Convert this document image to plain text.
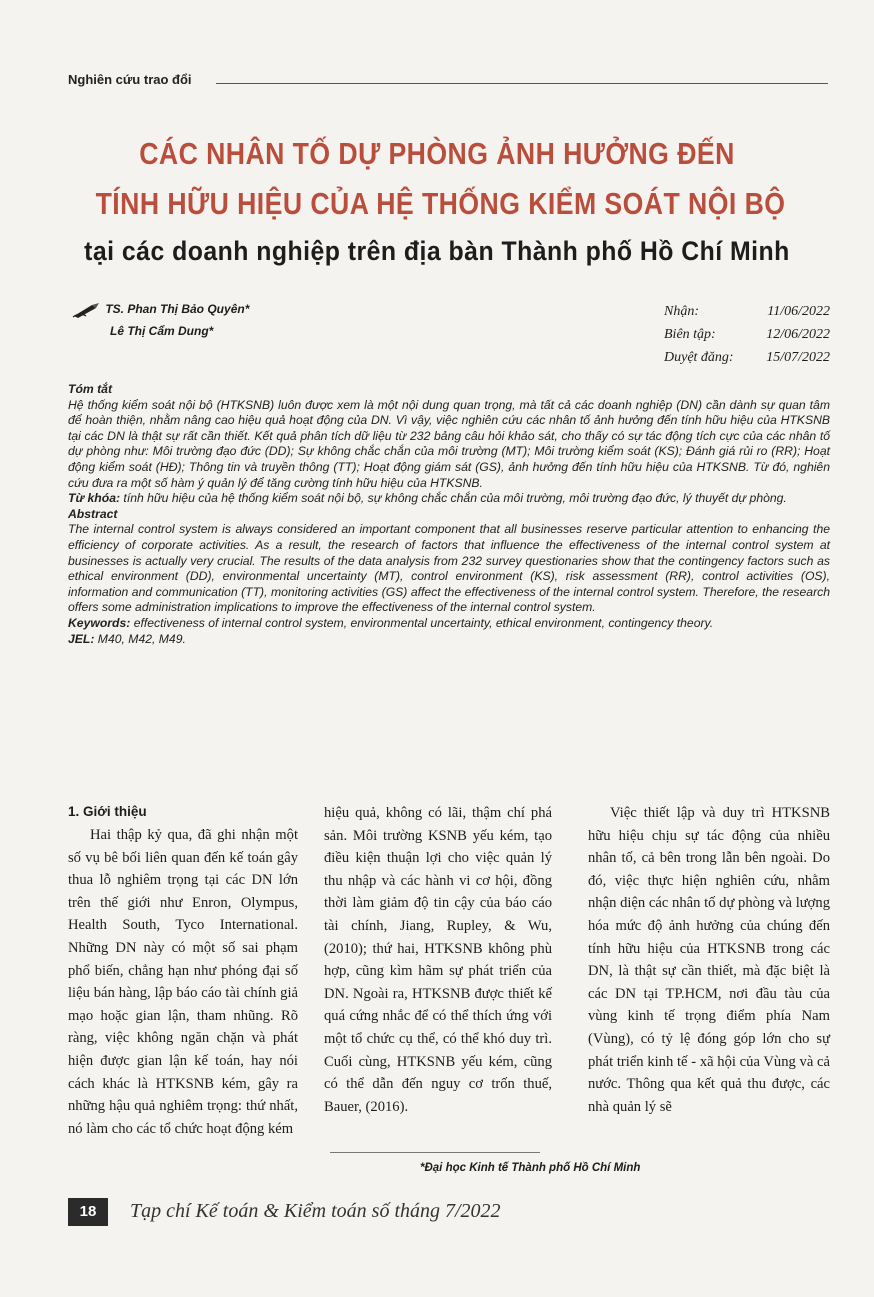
Nghiên cứu trao đổi
CÁC NHÂN TỐ DỰ PHÒNG ẢNH HƯỞNG ĐẾN
TÍNH HỮU HIỆU CỦA HỆ THỐNG KIỂM SOÁT NỘI BỘ
tại các doanh nghiệp trên địa bàn Thành phố Hồ Chí Minh
TS. Phan Thị Bảo Quyên*
Lê Thị Cẩm Dung*
Nhận:	11/06/2022
Biên tập:	12/06/2022
Duyệt đăng: 15/07/2022

Tóm tắt

Hệ thống kiểm soát nội bộ (HTKSNB) luôn được xem là một nội dung quan trọng, mà tất cả các doanh nghiệp (DN) cần dành sự quan tâm để hoàn thiện, nhằm nâng cao hiệu quả hoạt động của DN. Vì vậy, việc nghiên cứu các nhân tố ảnh hưởng đến tính hữu hiệu của HTKSNB tại các DN là thật sự rất cần thiết. Kết quả phân tích dữ liệu từ 232 bảng câu hỏi khảo sát, cho thấy có sự tác động tích cực của các nhân tố dự phòng như: Môi trường đạo đức (DD); Sự không chắc chắn của môi trường (MT); Môi trường kiểm soát (KS); Đánh giá rủi ro (RR); Hoạt động kiểm soát (HĐ); Thông tin và truyền thông (TT); Hoạt động giám sát (GS), ảnh hưởng đến tính hữu hiệu của HTKSNB. Từ đó, nghiên cứu đưa ra một số hàm ý quản lý để tăng cường tính hữu hiệu của HTKSNB.

Từ khóa: tính hữu hiệu của hệ thống kiểm soát nội bộ, sự không chắc chắn của môi trường, môi trường đạo đức, lý thuyết dự phòng.

Abstract

The internal control system is always considered an important component that all businesses reserve particular attention to enhancing the efficiency of corporate activities. As a result, the research of factors that influence the effectiveness of the internal control system at businesses is actually very crucial. The results of the data analysis from 232 survey questionaries show that the contingency factors such as ethical environment (DD), environmental uncertainty (MT), control environment (KS), risk assessment (RR), control activities (OS), information and communication (TT), monitoring activities (GS) affect the effectiveness of the internal control system. Therefore, the research offers some administration implications to improve the effectiveness of the internal control system.

Keywords: effectiveness of internal control system, environmental uncertainty, ethical environment, contingency theory.

JEL: M40, M42, M49.

1. Giới thiệu

Hai thập kỷ qua, đã ghi nhận một số vụ bê bối liên quan đến kế toán gây thua lỗ nghiêm trọng tại các DN lớn trên thế giới như Enron, Olympus, Health South, Tyco International. Những DN này có một số sai phạm phổ biến, chẳng hạn như phóng đại số liệu bán hàng, lập báo cáo tài chính giả mạo hoặc gian lận, tham nhũng. Rõ ràng, việc không ngăn chặn và phát hiện được gian lận kế toán, hay nói cách khác là HTKSNB kém, gây ra những hậu quả nghiêm trọng: thứ nhất, nó làm cho các tổ chức hoạt động kém

hiệu quả, không có lãi, thậm chí phá sản. Môi trường KSNB yếu kém, tạo điều kiện thuận lợi cho việc quản lý thu nhập và các hành vi cơ hội, đồng thời làm giảm độ tin cậy của báo cáo tài chính, Jiang, Rupley, & Wu, (2010); thứ hai, HTKSNB không phù hợp, cũng kìm hãm sự phát triển của DN. Ngoài ra, HTKSNB được thiết kế quá cứng nhắc để có thể thích ứng với một tổ chức cụ thể, có thể khó duy trì. Cuối cùng, HTKSNB yếu kém, cũng có thể dẫn đến nguy cơ trốn thuế, Bauer, (2016).

Việc thiết lập và duy trì HTKSNB hữu hiệu chịu sự tác động của nhiều nhân tố, cả bên trong lẫn bên ngoài. Do đó, việc thực hiện nghiên cứu, nhằm nhận diện các nhân tố dự phòng và lượng hóa mức độ ảnh hưởng của chúng đến tính hữu hiệu của HTKSNB trong các DN, là thật sự cần thiết, mà đặc biệt là các DN tại TP.HCM, nơi đầu tàu của vùng kinh tế trọng điểm phía Nam (Vùng), có tỷ lệ đóng góp lớn cho sự phát triển kinh tế - xã hội của Vùng và cả nước. Thông qua kết quả thu được, các nhà quản lý sẽ

*Đại học Kinh tế Thành phố Hồ Chí Minh
18	Tạp chí Kế toán & Kiểm toán số tháng 7/2022
